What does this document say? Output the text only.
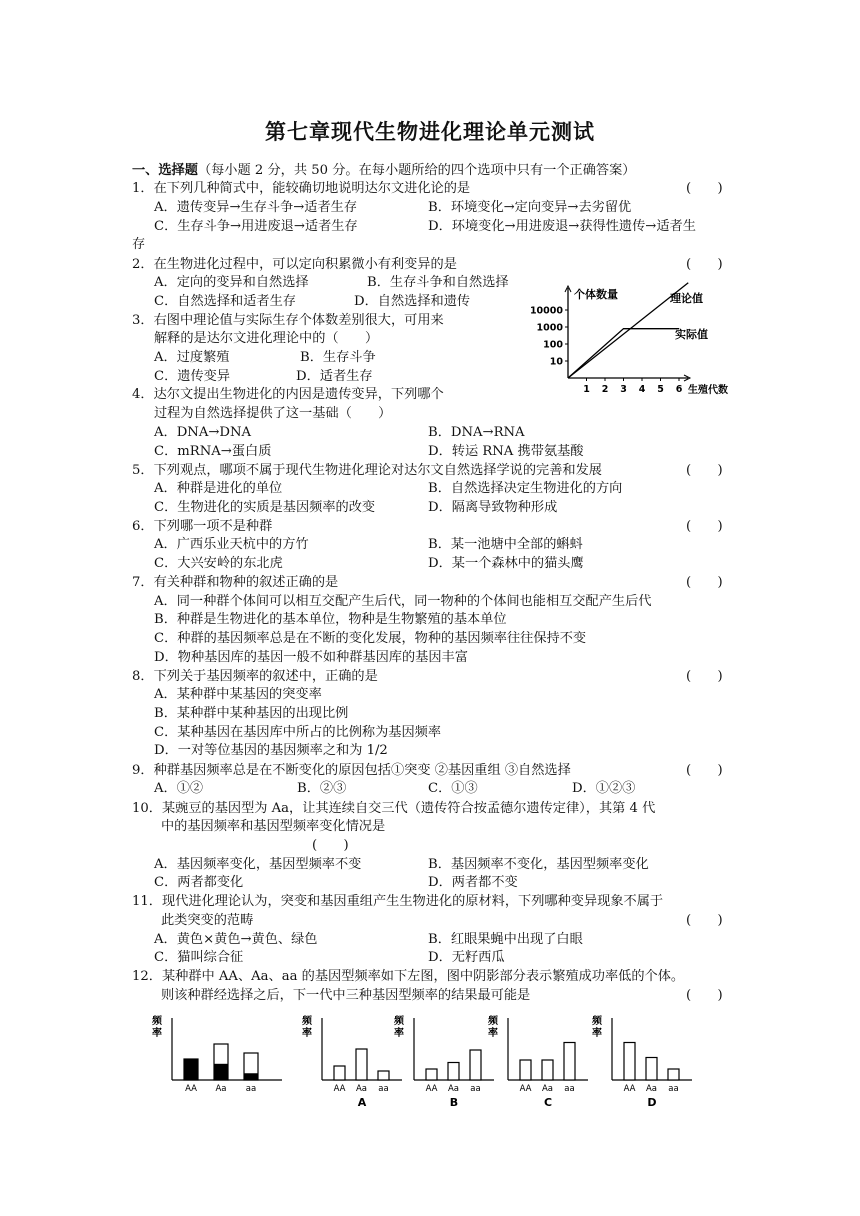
第七章现代生物进化理论单元测试
一、选择题（每小题 2 分，共 50 分。在每小题所给的四个选项中只有一个正确答案）
1．在下列几种简式中，能较确切地说明达尔文进化论的是	(　　)
A．遗传变异→生存斗争→适者生存	B．环境变化→定向变异→去劣留优
C．生存斗争→用进废退→适者生存	D．环境变化→用进废退→获得性遗传→适者生
存
2．在生物进化过程中，可以定向积累微小有利变异的是	(　　)
A．定向的变异和自然选择	B．生存斗争和自然选择
C．自然选择和适者生存	D．自然选择和遗传
3．右图中理论值与实际生存个体数差别很大，可用来
解释的是达尔文进化理论中的（　　）
A．过度繁殖	B．生存斗争
C．遗传变异	D．适者生存
个体数量
生殖代数
10
100
1000
10000
1 2 3 4 5 6
理论值
实际值
4．达尔文提出生物进化的内因是遗传变异，下列哪个
过程为自然选择提供了这一基础（　　）
A．DNA→DNA	B．DNA→RNA
C．mRNA→蛋白质	D．转运 RNA 携带氨基酸
5．下列观点，哪项不属于现代生物进化理论对达尔文自然选择学说的完善和发展	(　　)
A．种群是进化的单位	B．自然选择决定生物进化的方向
C．生物进化的实质是基因频率的改变	D．隔离导致物种形成
6．下列哪一项不是种群	(　　)
A．广西乐业天杭中的方竹	B．某一池塘中全部的蝌蚪
C．大兴安岭的东北虎	D．某一个森林中的猫头鹰
7．有关种群和物种的叙述正确的是	(　　)
A．同一种群个体间可以相互交配产生后代，同一物种的个体间也能相互交配产生后代
B．种群是生物进化的基本单位，物种是生物繁殖的基本单位
C．种群的基因频率总是在不断的变化发展，物种的基因频率往往保持不变
D．物种基因库的基因一般不如种群基因库的基因丰富
8．下列关于基因频率的叙述中，正确的是	(　　)
A．某种群中某基因的突变率
B．某种群中某种基因的出现比例
C．某种基因在基因库中所占的比例称为基因频率
D．一对等位基因的基因频率之和为 1/2
9．种群基因频率总是在不断变化的原因包括①突变 ②基因重组 ③自然选择	(　　)
A．①②	B．②③	C．①③	D．①②③
10．某豌豆的基因型为 Aa，让其连续自交三代（遗传符合按孟德尔遗传定律），其第 4 代
中的基因频率和基因型频率变化情况是
(　　)
A．基因频率变化，基因型频率不变	B．基因频率不变化，基因型频率变化
C．两者都变化	D．两者都不变
11．现代进化理论认为，突变和基因重组产生生物进化的原材料，下列哪种变异现象不属于
此类突变的范畴	(　　)
A．黄色×黄色→黄色、绿色	B．红眼果蝇中出现了白眼
C．猫叫综合征	D．无籽西瓜
12．某种群中 AA、Aa、aa 的基因型频率如下左图，图中阴影部分表示繁殖成功率低的个体。
则该种群经选择之后，下一代中三种基因型频率的结果最可能是	(　　)
频
率
AA Aa aa
频
率
AA Aa aa
A
频
率
AA Aa aa
B
频
率
AA Aa aa
C
频
率
AA Aa aa
D
